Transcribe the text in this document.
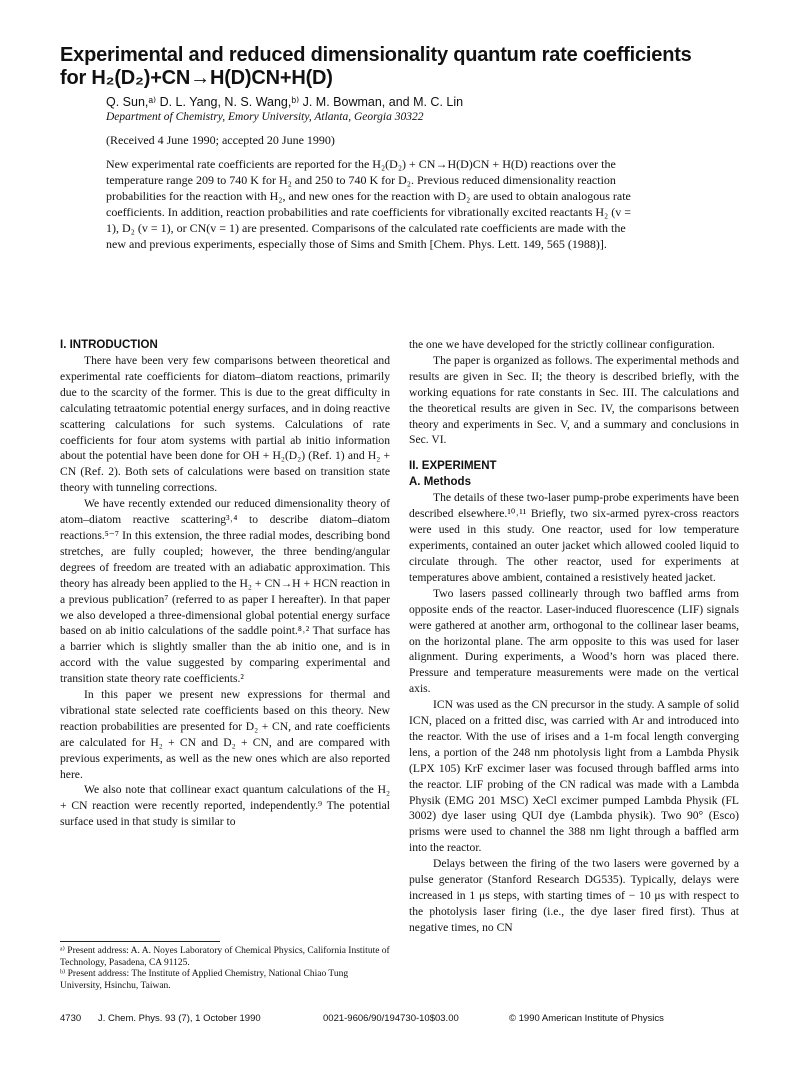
Experimental and reduced dimensionality quantum rate coefficients
for H₂(D₂)+CN→H(D)CN+H(D)

Q. Sun,ᵃ⁾ D. L. Yang, N. S. Wang,ᵇ⁾ J. M. Bowman, and M. C. Lin

Department of Chemistry, Emory University, Atlanta, Georgia 30322

(Received 4 June 1990; accepted 20 June 1990)

New experimental rate coefficients are reported for the H₂(D₂) + CN→H(D)CN + H(D) reactions over the temperature range 209 to 740 K for H₂ and 250 to 740 K for D₂. Previous reduced dimensionality reaction probabilities for the reaction with H₂, and new ones for the reaction with D₂ are used to obtain analogous rate coefficients. In addition, reaction probabilities and rate coefficients for vibrationally excited reactants H₂ (v = 1), D₂ (v = 1), or CN(v = 1) are presented. Comparisons of the calculated rate coefficients are made with the new and previous experiments, especially those of Sims and Smith [Chem. Phys. Lett. 149, 565 (1988)].

I. INTRODUCTION

There have been very few comparisons between theoretical and experimental rate coefficients for diatom–diatom reactions, primarily due to the scarcity of the former. This is due to the great difficulty in calculating tetraatomic potential energy surfaces, and in doing reactive scattering calculations for such systems. Calculations of rate coefficients for four atom systems with partial ab initio information about the potential have been done for OH + H₂(D₂) (Ref. 1) and H₂ + CN (Ref. 2). Both sets of calculations were based on transition state theory with tunneling corrections.

We have recently extended our reduced dimensionality theory of atom–diatom reactive scattering³˒⁴ to describe diatom–diatom reactions.⁵⁻⁷ In this extension, the three radial modes, describing bond stretches, are fully coupled; however, the three bending/angular degrees of freedom are treated with an adiabatic approximation. This theory has already been applied to the H₂ + CN→H + HCN reaction in a previous publication⁷ (referred to as paper I hereafter). In that paper we also developed a three-dimensional global potential energy surface based on ab initio calculations of the saddle point.⁸˒² That surface has a barrier which is slightly smaller than the ab initio one, and is in accord with the value suggested by comparing experimental and transition state theory rate coefficients.²

In this paper we present new expressions for thermal and vibrational state selected rate coefficients based on this theory. New reaction probabilities are presented for D₂ + CN, and rate coefficients are calculated for H₂ + CN and D₂ + CN, and are compared with previous experiments, as well as the new ones which are also reported here.

We also note that collinear exact quantum calculations of the H₂ + CN reaction were recently reported, independently.⁹ The potential surface used in that study is similar to

the one we have developed for the strictly collinear configuration.

The paper is organized as follows. The experimental methods and results are given in Sec. II; the theory is described briefly, with the working equations for rate constants in Sec. III. The calculations and the theoretical results are given in Sec. IV, the comparisons between theory and experiments in Sec. V, and a summary and conclusions in Sec. VI.

II. EXPERIMENT
A. Methods

The details of these two-laser pump-probe experiments have been described elsewhere.¹⁰˒¹¹ Briefly, two six-armed pyrex-cross reactors were used in this study. One reactor, used for low temperature experiments, contained an outer jacket which allowed cooled liquid to circulate through. The other reactor, used for experiments at temperatures above ambient, contained a resistively heated jacket.

Two lasers passed collinearly through two baffled arms from opposite ends of the reactor. Laser-induced fluorescence (LIF) signals were gathered at another arm, orthogonal to the collinear laser beams, on the horizontal plane. The arm opposite to this was used for laser alignment. During experiments, a Wood’s horn was placed there. Pressure and temperature measurements were made on the vertical axis.

ICN was used as the CN precursor in the study. A sample of solid ICN, placed on a fritted disc, was carried with Ar and introduced into the reactor. With the use of irises and a 1-m focal length converging lens, a portion of the 248 nm photolysis light from a Lambda Physik (LPX 105) KrF excimer laser was focused through baffled arms into the reactor. LIF probing of the CN radical was made with a Lambda Physik (EMG 201 MSC) XeCl excimer pumped Lambda Physik (FL 3002) dye laser using QUI dye (Lambda physik). Two 90° (Esco) prisms were used to channel the 388 nm light through a baffled arm into the reactor.

Delays between the firing of the two lasers were governed by a pulse generator (Stanford Research DG535). Typically, delays were increased in 1 μs steps, with starting times of − 10 μs with respect to the photolysis laser firing (i.e., the dye laser fired first). Thus at negative times, no CN

ᵃ⁾ Present address: A. A. Noyes Laboratory of Chemical Physics, California Institute of Technology, Pasadena, CA 91125.

ᵇ⁾ Present address: The Institute of Applied Chemistry, National Chiao Tung University, Hsinchu, Taiwan.

4730 J. Chem. Phys. 93 (7), 1 October 1990	0021-9606/90/194730-10$03.00	© 1990 American Institute of Physics
